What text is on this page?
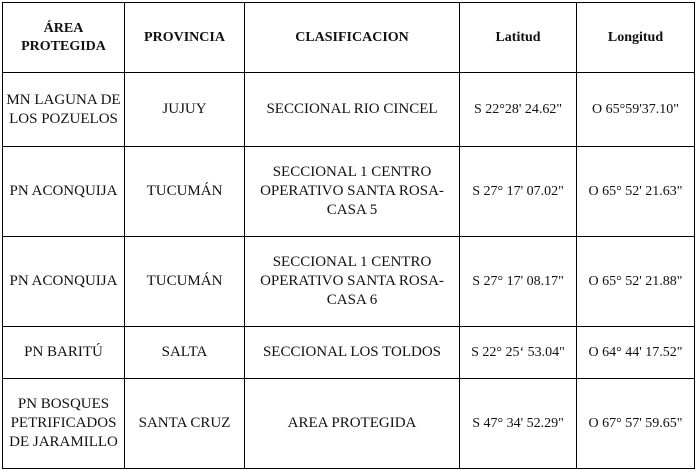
ÁREA PROTEGIDA	PROVINCIA	CLASIFICACION	Latitud	Longitud

MN LAGUNA DE LOS POZUELOS	JUJUY	SECCIONAL RIO CINCEL	S 22°28' 24.62"	O 65°59'37.10"

PN ACONQUIJA	TUCUMÁN	SECCIONAL 1 CENTRO OPERATIVO SANTA ROSA-CASA 5	S 27° 17' 07.02"	O 65° 52' 21.63"

PN ACONQUIJA	TUCUMÁN	SECCIONAL 1 CENTRO OPERATIVO SANTA ROSA-CASA 6	S 27° 17' 08.17"	O 65° 52' 21.88"

PN BARITÚ	SALTA	SECCIONAL LOS TOLDOS	S 22° 25‘ 53.04"	O 64° 44' 17.52"

PN BOSQUES PETRIFICADOS DE JARAMILLO	SANTA CRUZ	AREA PROTEGIDA	S 47° 34' 52.29"	O 67° 57' 59.65"
